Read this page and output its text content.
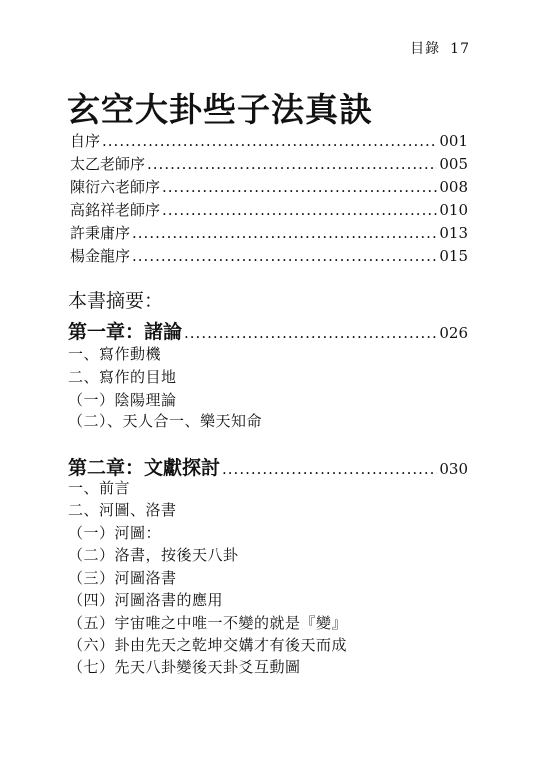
目錄 17
玄空大卦些子法真訣
自序 .....	001
太乙老師序 .....	005
陳衍六老師序 .....	008
高銘祥老師序 .....	010
許秉庸序 .....	013
楊金龍序 .....	015
本書摘要：
第一章：諸論 .....	026
一、寫作動機
二、寫作的目地
（一）陰陽理論
（二）、天人合一、樂天知命
第二章：文獻探討 .....	030
一、前言
二、河圖、洛書
（一）河圖：
（二）洛書，按後天八卦
（三）河圖洛書
（四）河圖洛書的應用
（五）宇宙唯之中唯一不變的就是『變』
（六）卦由先天之乾坤交媾才有後天而成
（七）先天八卦變後天卦爻互動圖
